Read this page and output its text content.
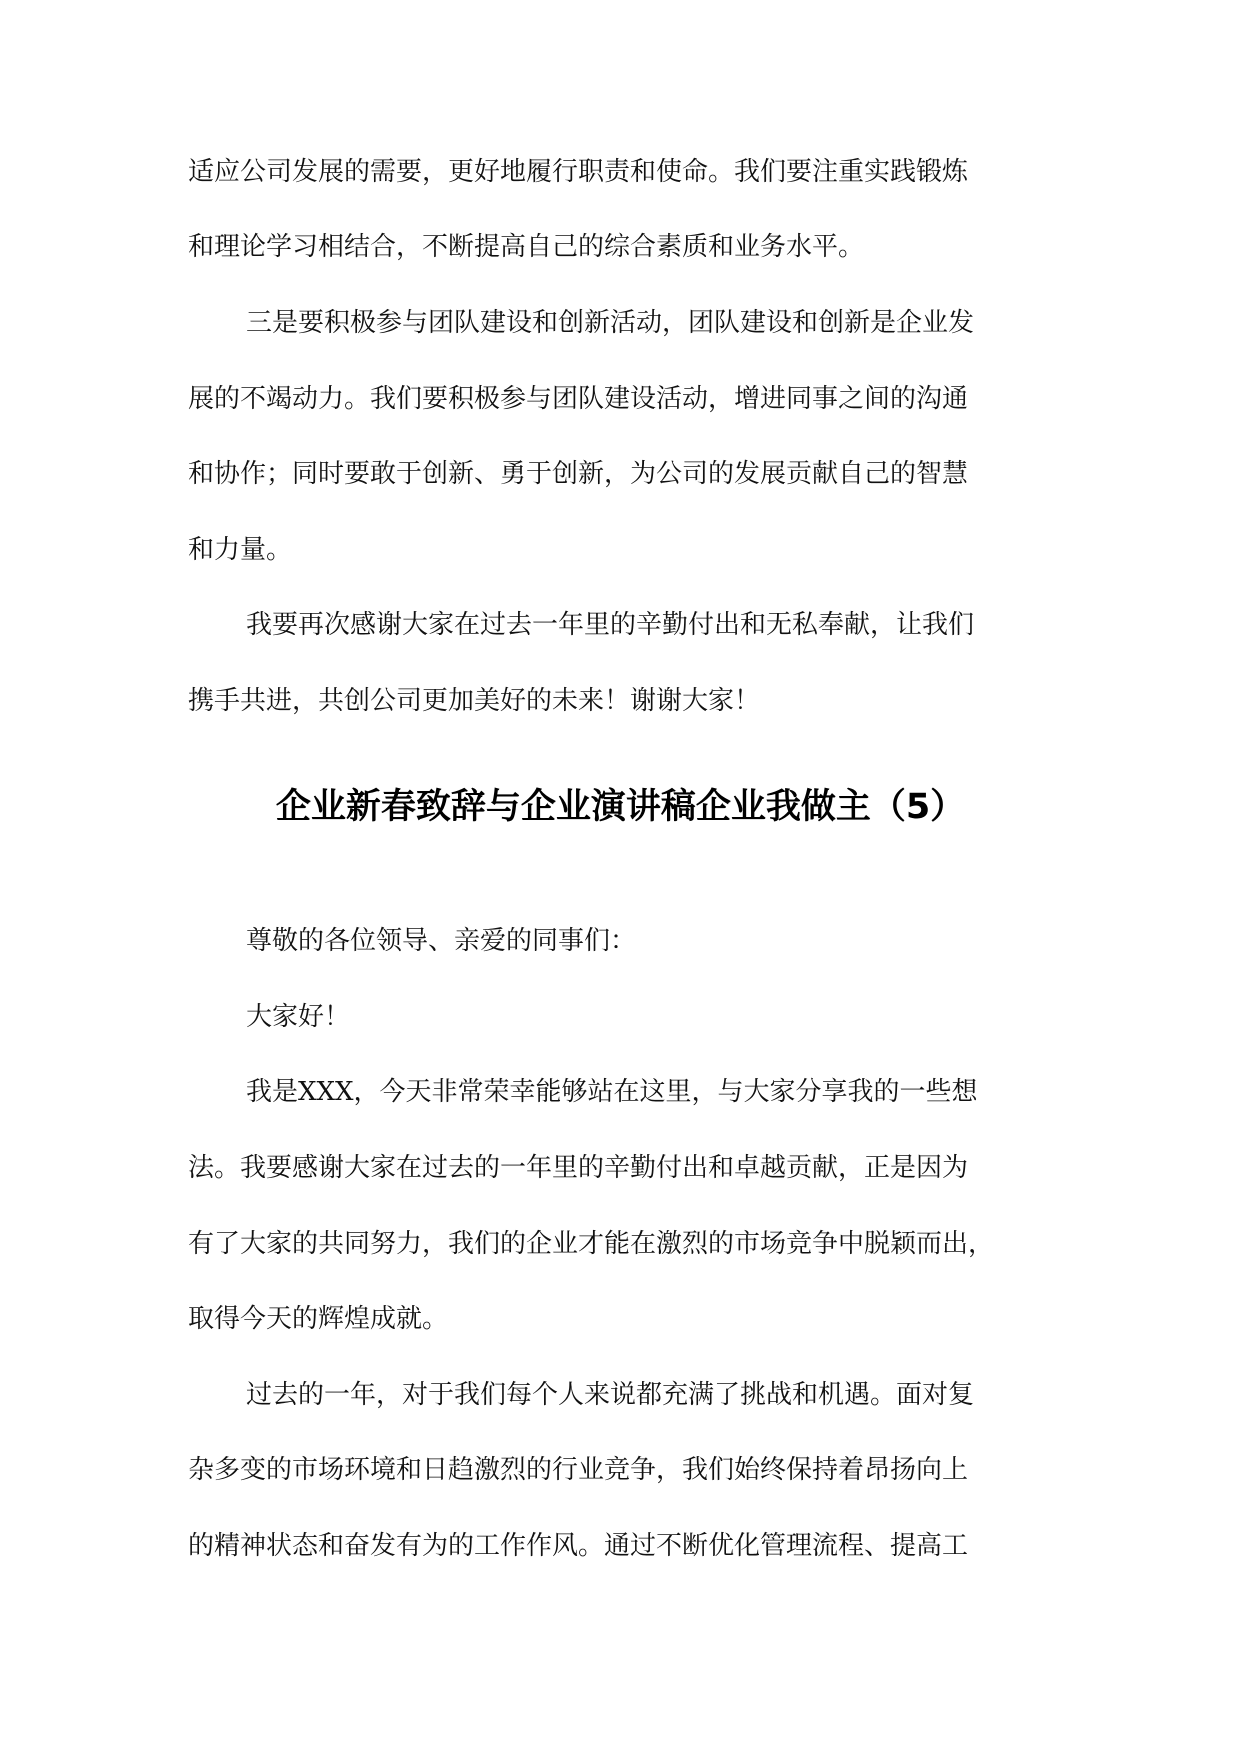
适应公司发展的需要，更好地履行职责和使命。我们要注重实践锻炼
和理论学习相结合，不断提高自己的综合素质和业务水平。
三是要积极参与团队建设和创新活动，团队建设和创新是企业发
展的不竭动力。我们要积极参与团队建设活动，增进同事之间的沟通
和协作；同时要敢于创新、勇于创新，为公司的发展贡献自己的智慧
和力量。
我要再次感谢大家在过去一年里的辛勤付出和无私奉献，让我们
携手共进，共创公司更加美好的未来！谢谢大家！
企业新春致辞与企业演讲稿企业我做主（5）
尊敬的各位领导、亲爱的同事们：
大家好！
我是XXX，今天非常荣幸能够站在这里，与大家分享我的一些想
法。我要感谢大家在过去的一年里的辛勤付出和卓越贡献，正是因为
有了大家的共同努力，我们的企业才能在激烈的市场竞争中脱颖而出，
取得今天的辉煌成就。
过去的一年，对于我们每个人来说都充满了挑战和机遇。面对复
杂多变的市场环境和日趋激烈的行业竞争，我们始终保持着昂扬向上
的精神状态和奋发有为的工作作风。通过不断优化管理流程、提高工
